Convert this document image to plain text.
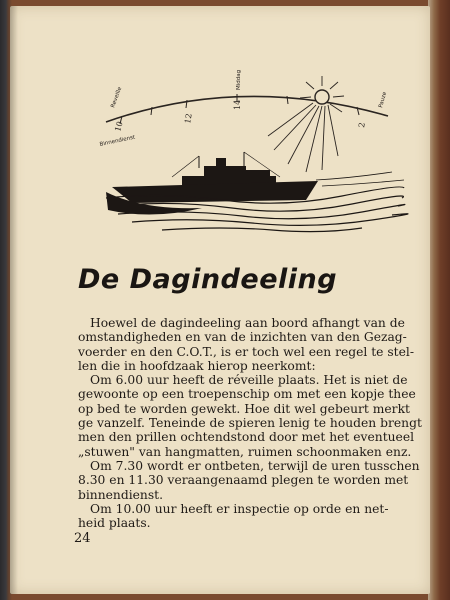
Reveille
Middag
Pauze
Binnendienst
10
12
14
2
De Dagindeeling
Hoewel de dagindeeling aan boord afhangt van de
omstandigheden en van de inzichten van den Gezag-
voerder en den C.O.T., is er toch wel een regel te stel-
len die in hoofdzaak hierop neerkomt:
Om 6.00 uur heeft de réveille plaats. Het is niet de
gewoonte op een troepenschip om met een kopje thee
op bed te worden gewekt. Hoe dit wel gebeurt merkt
ge vanzelf. Teneinde de spieren lenig te houden brengt
men den prillen ochtendstond door met het eventueel
„stuwen" van hangmatten, ruimen schoonmaken enz.
Om 7.30 wordt er ontbeten, terwijl de uren tusschen
8.30 en 11.30 veraangenaamd plegen te worden met
binnendienst.
Om 10.00 uur heeft er inspectie op orde en net-
heid plaats.
24
